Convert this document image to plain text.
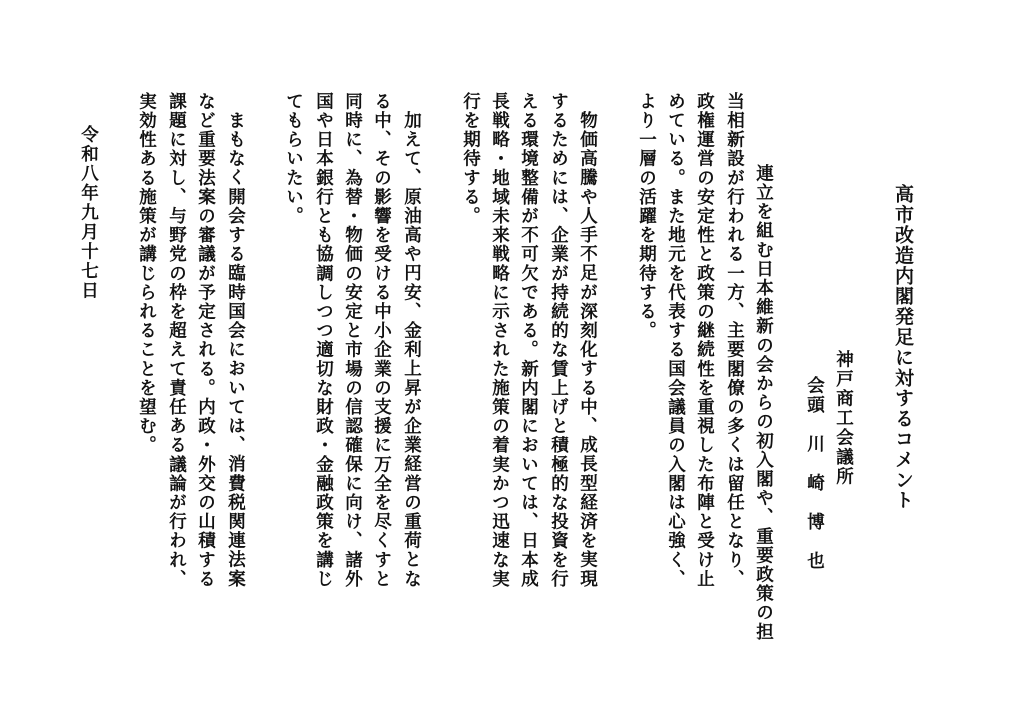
高市改造内閣発足に対するコメント
神戸商工会議所
会頭　川　崎　博　也
連立を組む日本維新の会からの初入閣や、重要政策の担
当相新設が行われる一方、主要閣僚の多くは留任となり、
政権運営の安定性と政策の継続性を重視した布陣と受け止
めている。また地元を代表する国会議員の入閣は心強く、
より一層の活躍を期待する。
物価高騰や人手不足が深刻化する中、成長型経済を実現
するためには、企業が持続的な賃上げと積極的な投資を行
える環境整備が不可欠である。新内閣においては、日本成
長戦略・地域未来戦略に示された施策の着実かつ迅速な実
行を期待する。
加えて、原油高や円安、金利上昇が企業経営の重荷とな
る中、その影響を受ける中小企業の支援に万全を尽くすと
同時に、為替・物価の安定と市場の信認確保に向け、諸外
国や日本銀行とも協調しつつ適切な財政・金融政策を講じ
てもらいたい。
まもなく開会する臨時国会においては、消費税関連法案
など重要法案の審議が予定される。内政・外交の山積する
課題に対し、与野党の枠を超えて責任ある議論が行われ、
実効性ある施策が講じられることを望む。
令和八年九月十七日
